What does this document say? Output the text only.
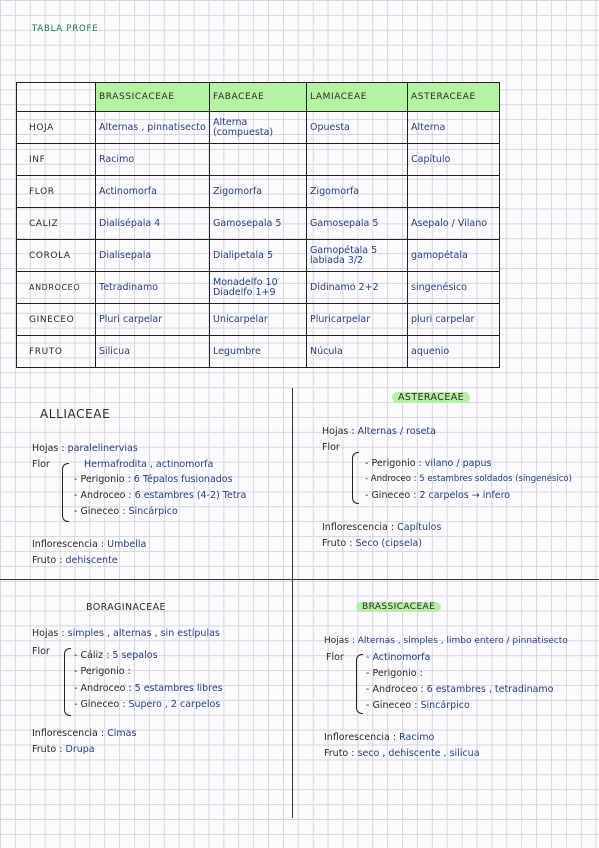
TABLA PROFE
	BRASSICACEAE	FABACEAE	LAMIACEAE	ASTERACEAE
HOJA	Alternas , pinnatisecto	Alterna (compuesta)	Opuesta	Alterna
INF	Racimo			Capítulo
FLOR	Actinomorfa	Zigomorfa	Zigomorfa	
CALIZ	Dialisépala 4	Gamosepala 5	Gamosepala 5	Asepalo / Vilano
COROLA	Dialisepala	Dialipetala 5	Gamopétala 5 labiada 3/2	gamopétala
ANDROCEO	Tetradinamo	Monadelfo 10 Diadelfo 1+9	Didinamo 2+2	singenésico
GINECEO	Pluri carpelar	Unicarpelar	Pluricarpelar	pluri carpelar
FRUTO	Silicua	Legumbre	Núcula	aquenio
ALLIACEAE
Hojas : paralelinervias
Flor	Hermafrodita , actinomorfa
- Perigonio : 6 Tépalos fusionados
- Androceo : 6 estambres (4-2) Tetra
- Gineceo : Sincárpico
Inflorescencia : Umbella
Fruto : dehiscente
ASTERACEAE
Hojas : Alternas / roseta
Flor
- Perigonio : vilano / papus
- Androceo : 5 estambres soldados (singenésico)
- Gineceo : 2 carpelos → infero
Inflorescencia : Capítulos
Fruto : Seco (cipsela)
BORAGINACEAE
Hojas : simples , alternas , sin estípulas
Flor	- Cáliz : 5 sepalos
- Perigonio :
- Androceo : 5 estambres libres
- Gineceo : Supero , 2 carpelos
Inflorescencia : Cimas
Fruto : Drupa
BRASSICACEAE
Hojas : Alternas , simples , limbo entero / pinnatisecto
Flor - Actinomorfa
- Perigonio :
- Androceo : 6 estambres , tetradinamo
- Gineceo : Sincárpico
Inflorescencia : Racimo
Fruto : seco , dehiscente , silicua
